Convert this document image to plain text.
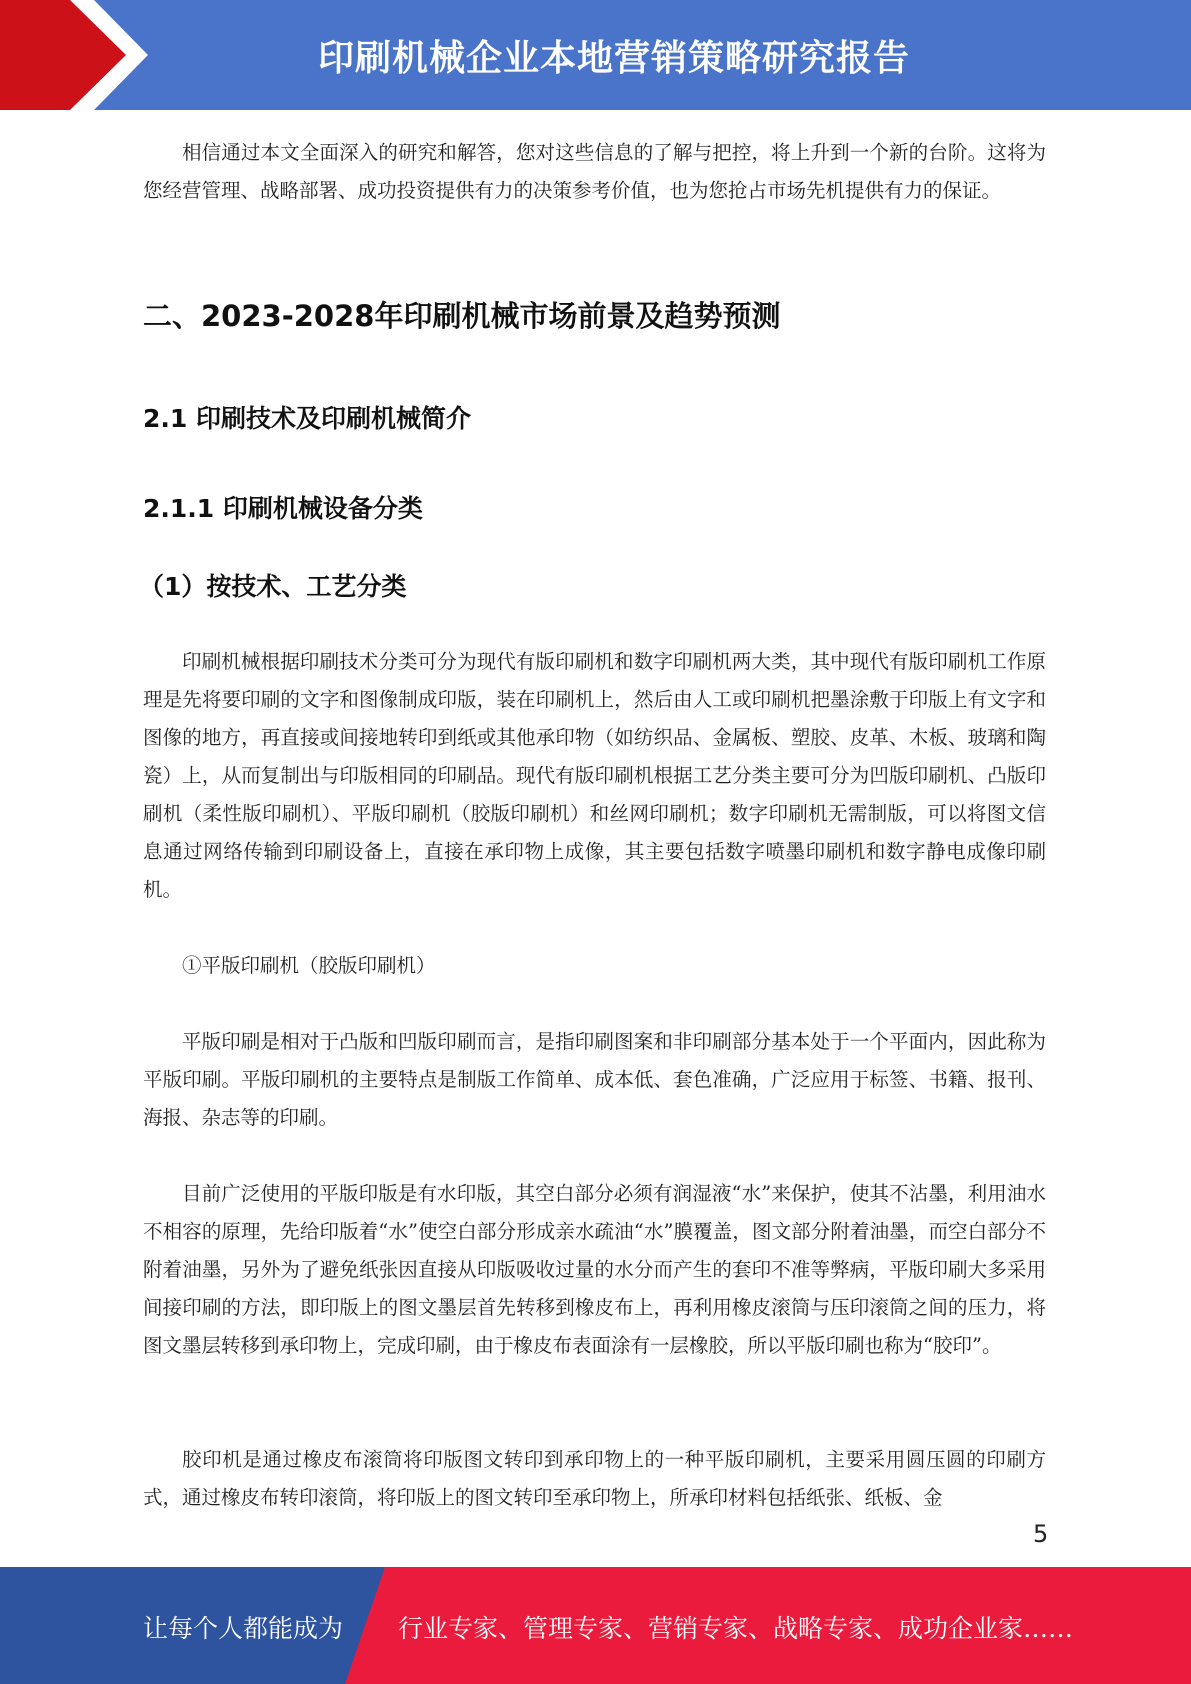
印刷机械企业本地营销策略研究报告
相信通过本文全面深入的研究和解答，您对这些信息的了解与把控，将上升到一个新的台阶。这将为您经营管理、战略部署、成功投资提供有力的决策参考价值，也为您抢占市场先机提供有力的保证。
二、2023-2028年印刷机械市场前景及趋势预测
2.1 印刷技术及印刷机械简介
2.1.1 印刷机械设备分类
（1）按技术、工艺分类
印刷机械根据印刷技术分类可分为现代有版印刷机和数字印刷机两大类，其中现代有版印刷机工作原理是先将要印刷的文字和图像制成印版，装在印刷机上，然后由人工或印刷机把墨涂敷于印版上有文字和图像的地方，再直接或间接地转印到纸或其他承印物（如纺织品、金属板、塑胶、皮革、木板、玻璃和陶瓷）上，从而复制出与印版相同的印刷品。现代有版印刷机根据工艺分类主要可分为凹版印刷机、凸版印刷机（柔性版印刷机）、平版印刷机（胶版印刷机）和丝网印刷机；数字印刷机无需制版，可以将图文信息通过网络传输到印刷设备上，直接在承印物上成像，其主要包括数字喷墨印刷机和数字静电成像印刷机。
①平版印刷机（胶版印刷机）
平版印刷是相对于凸版和凹版印刷而言，是指印刷图案和非印刷部分基本处于一个平面内，因此称为平版印刷。平版印刷机的主要特点是制版工作简单、成本低、套色准确，广泛应用于标签、书籍、报刊、海报、杂志等的印刷。
目前广泛使用的平版印版是有水印版，其空白部分必须有润湿液“水”来保护，使其不沾墨，利用油水不相容的原理，先给印版着“水”使空白部分形成亲水疏油“水”膜覆盖，图文部分附着油墨，而空白部分不附着油墨，另外为了避免纸张因直接从印版吸收过量的水分而产生的套印不准等弊病，平版印刷大多采用间接印刷的方法，即印版上的图文墨层首先转移到橡皮布上，再利用橡皮滚筒与压印滚筒之间的压力，将图文墨层转移到承印物上，完成印刷，由于橡皮布表面涂有一层橡胶，所以平版印刷也称为“胶印”。
胶印机是通过橡皮布滚筒将印版图文转印到承印物上的一种平版印刷机，主要采用圆压圆的印刷方式，通过橡皮布转印滚筒，将印版上的图文转印至承印物上，所承印材料包括纸张、纸板、金
5
让每个人都能成为 行业专家、管理专家、营销专家、战略专家、成功企业家……
